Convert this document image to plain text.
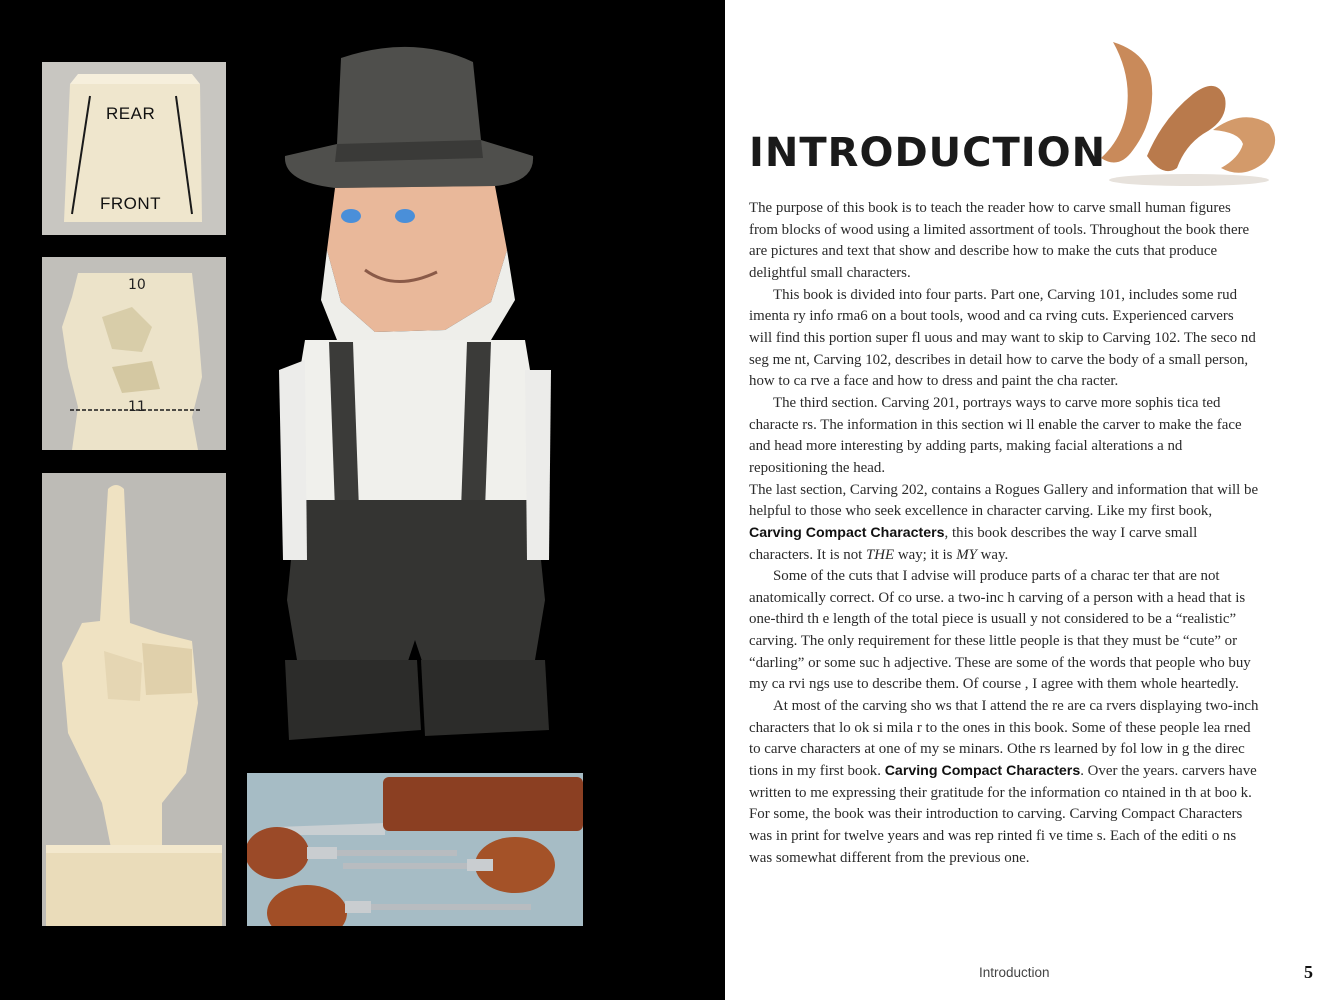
REAR
FRONT
10
11
INTRODUCTION

The purpose of this book is to teach the reader how to carve small human figures from blocks of wood using a limited assortment of tools. Throughout the book there are pictures and text that show and describe how to make the cuts that produce delightful small characters.

This book is divided into four parts. Part one, Carving 101, includes some rud imenta ry info rma6 on a bout tools, wood and ca rving cuts. Experienced carvers will find this portion super fl uous and may want to skip to Carving 102. The seco nd seg me nt, Carving 102, describes in detail how to carve the body of a small person, how to ca rve a face and how to dress and paint the cha racter.

The third section. Carving 201, portrays ways to carve more sophis tica ted characte rs. The information in this section wi ll enable the carver to make the face and head more interesting by adding parts, making facial alterations a nd repositioning the head.

The last section, Carving 202, contains a Rogues Gallery and information that will be helpful to those who seek excellence in character carving. Like my first book, Carving Compact Characters, this book describes the way I carve small characters. It is not THE way; it is MY way.

Some of the cuts that I advise will produce parts of a charac ter that are not anatomically correct. Of co urse. a two-inc h carving of a person with a head that is one-third th e length of the total piece is usuall y not considered to be a “realistic” carving. The only requirement for these little people is that they must be “cute” or “darling” or some suc h adjective. These are some of the words that people who buy my ca rvi ngs use to describe them. Of course , I agree with them whole heartedly.

At most of the carving sho ws that I attend the re are ca rvers displaying two-inch characters that lo ok si mila r to the ones in this book. Some of these people lea rned to carve characters at one of my se minars. Othe rs learned by fol low in g the direc tions in my first book. Carving Compact Characters. Over the years. carvers have written to me expressing their gratitude for the information co ntained in th at boo k. For some, the book was their introduction to carving. Carving Compact Characters was in print for twelve years and was rep rinted fi ve time s. Each of the editi o ns was somewhat different from the previous one.

Introduction	5
